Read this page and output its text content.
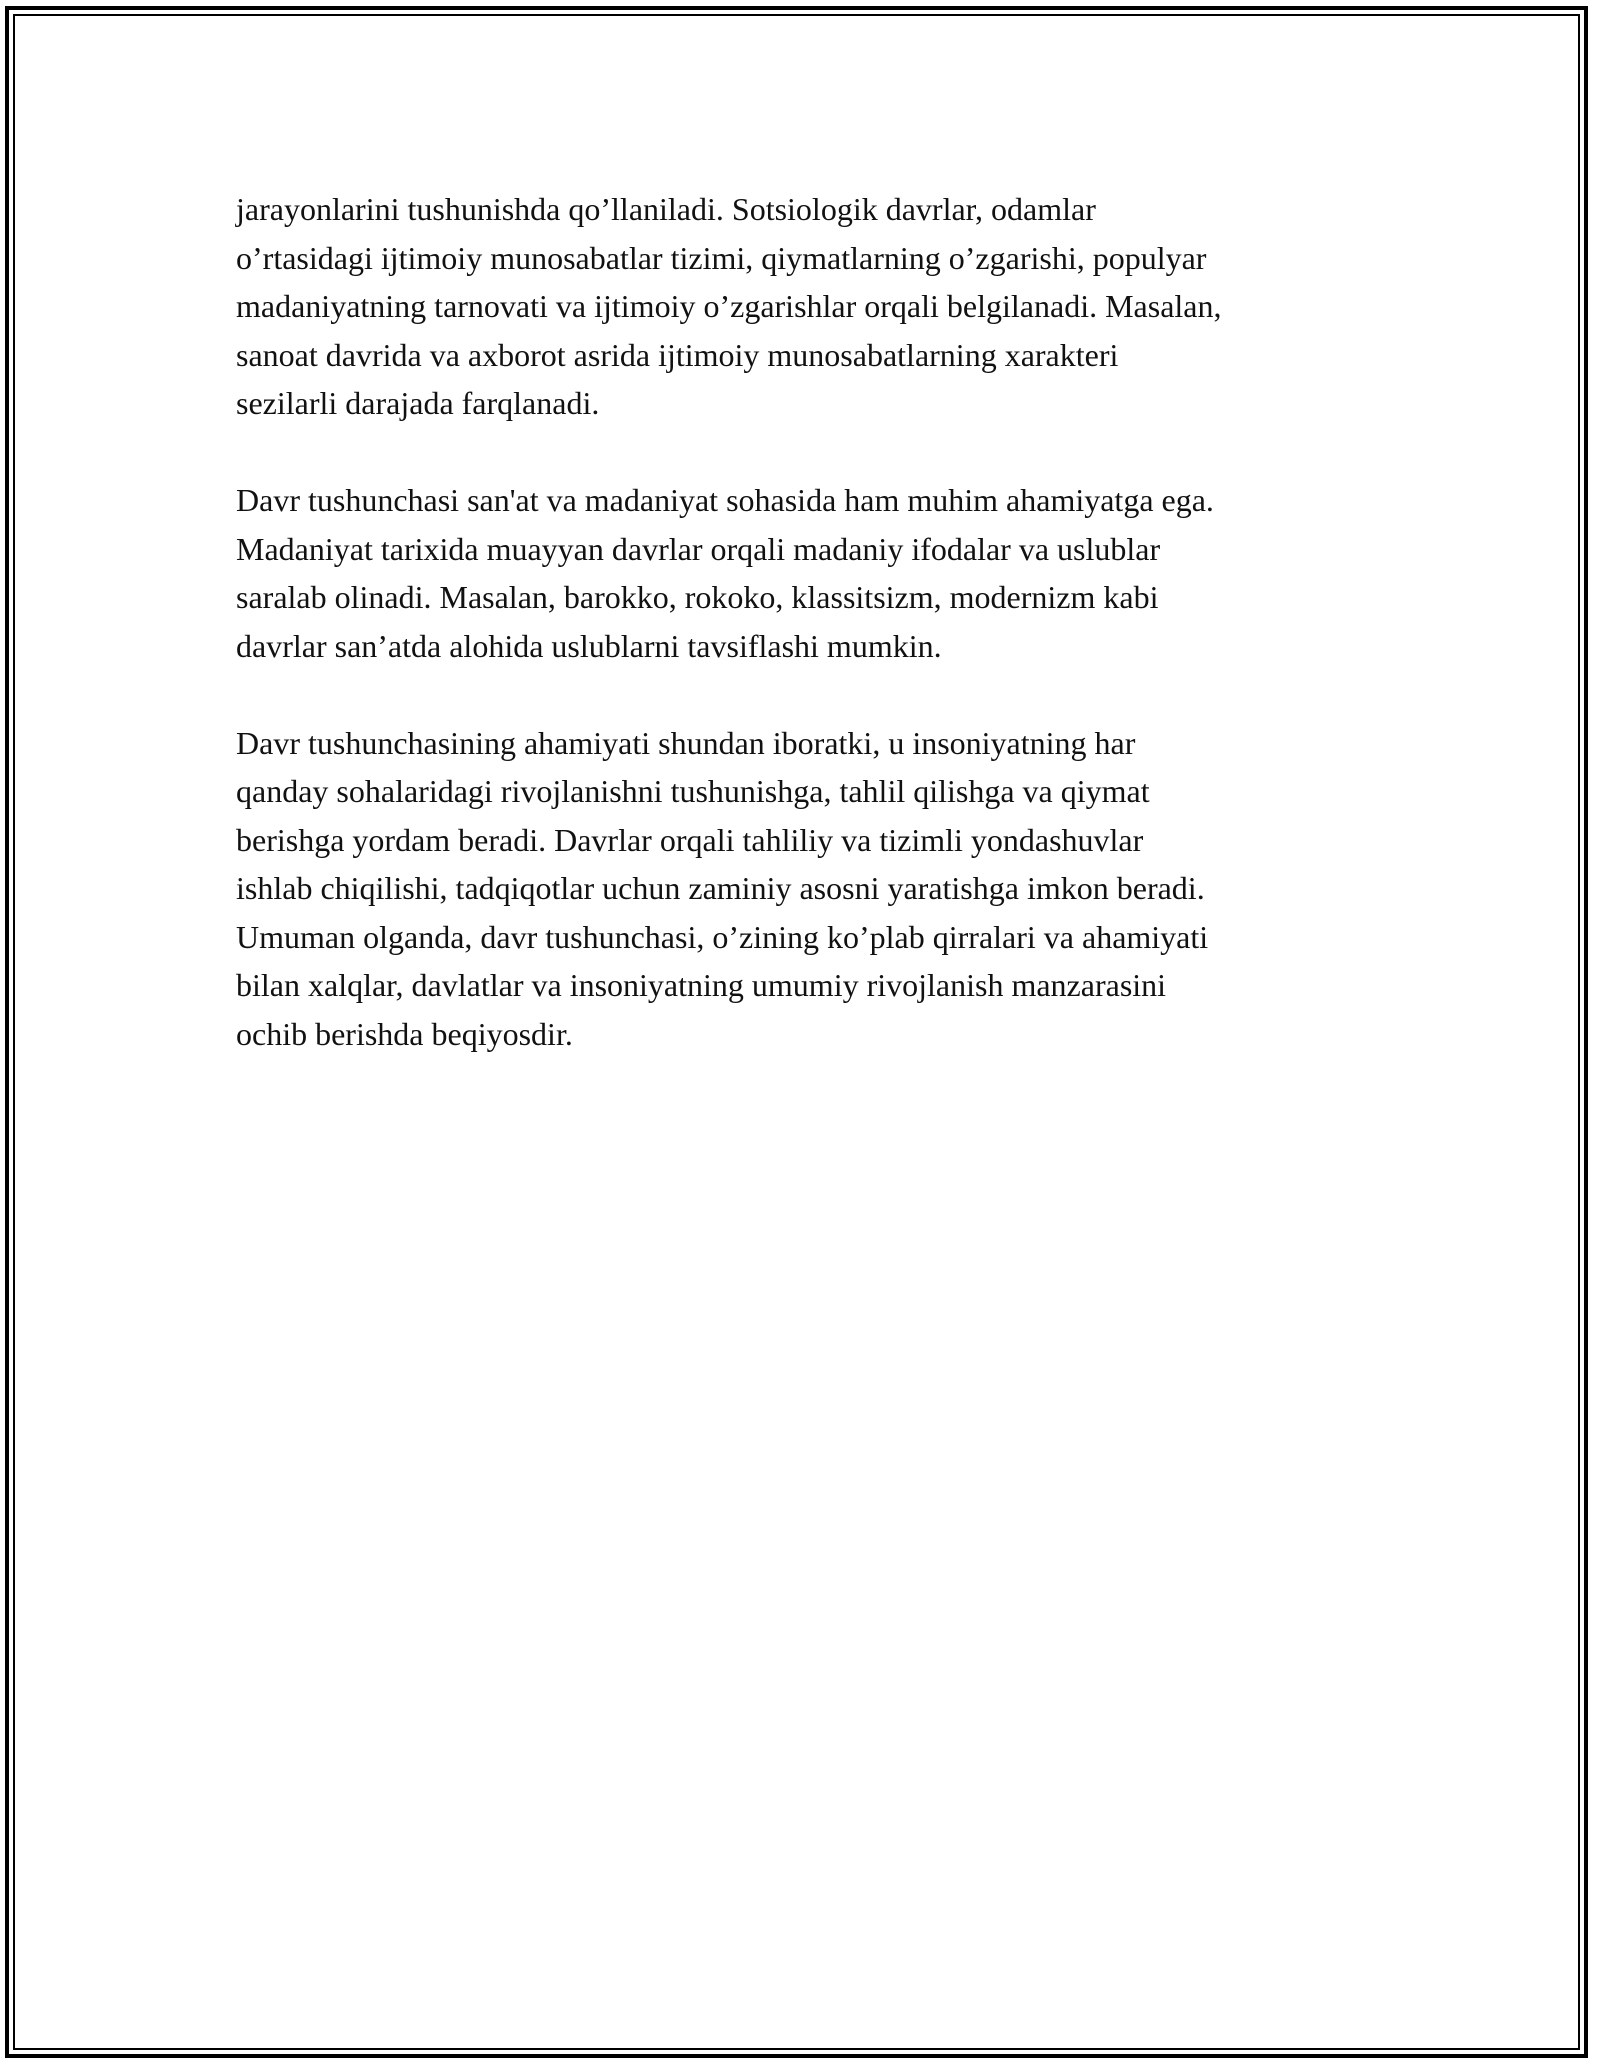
jarayonlarini tushunishda qo’llaniladi. Sotsiologik davrlar, odamlar
o’rtasidagi ijtimoiy munosabatlar tizimi, qiymatlarning o’zgarishi, populyar
madaniyatning tarnovati va ijtimoiy o’zgarishlar orqali belgilanadi. Masalan,
sanoat davrida va axborot asrida ijtimoiy munosabatlarning xarakteri
sezilarli darajada farqlanadi.
Davr tushunchasi san'at va madaniyat sohasida ham muhim ahamiyatga ega.
Madaniyat tarixida muayyan davrlar orqali madaniy ifodalar va uslublar
saralab olinadi. Masalan, barokko, rokoko, klassitsizm, modernizm kabi
davrlar san’atda alohida uslublarni tavsiflashi mumkin.
Davr tushunchasining ahamiyati shundan iboratki, u insoniyatning har
qanday sohalaridagi rivojlanishni tushunishga, tahlil qilishga va qiymat
berishga yordam beradi. Davrlar orqali tahliliy va tizimli yondashuvlar
ishlab chiqilishi, tadqiqotlar uchun zaminiy asosni yaratishga imkon beradi.
Umuman olganda, davr tushunchasi, o’zining ko’plab qirralari va ahamiyati
bilan xalqlar, davlatlar va insoniyatning umumiy rivojlanish manzarasini
ochib berishda beqiyosdir.
